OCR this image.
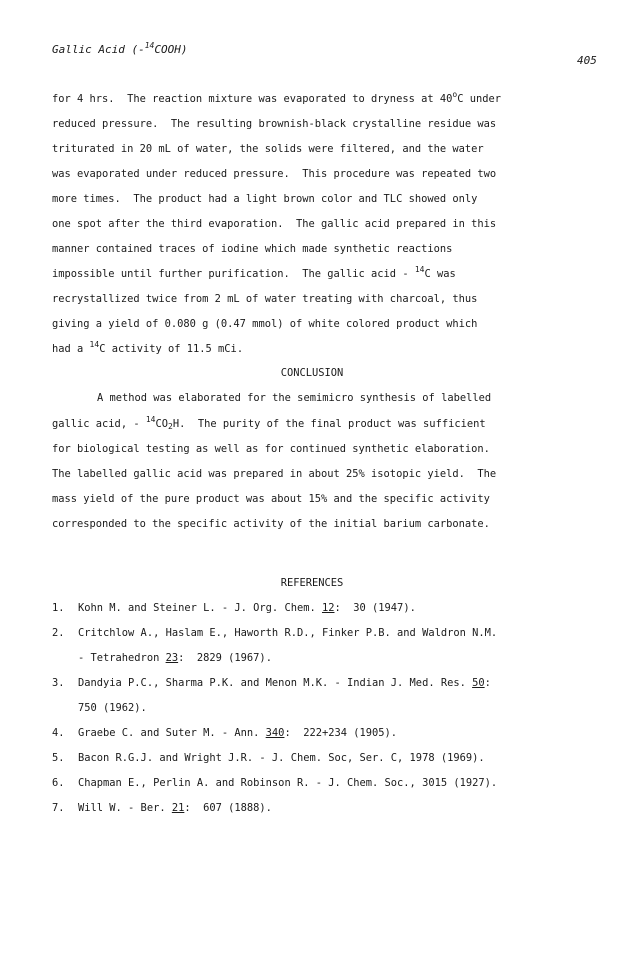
Gallic Acid (-$^{14}$COOH)
405
for 4 hrs.  The reaction mixture was evaporated to dryness at 40$^o$C under
reduced pressure.  The resulting brownish-black crystalline residue was
triturated in 20 mL of water, the solids were filtered, and the water
was evaporated under reduced pressure.  This procedure was repeated two
more times.  The product had a light brown color and TLC showed only
one spot after the third evaporation.  The gallic acid prepared in this
manner contained traces of iodine which made synthetic reactions
impossible until further purification.  The gallic acid - $^{14}$C was
recrystallized twice from 2 mL of water treating with charcoal, thus
giving a yield of 0.080 g (0.47 mmol) of white colored product which
had a $^{14}$C activity of 11.5 mCi.
CONCLUSION
A method was elaborated for the semimicro synthesis of labelled
gallic acid, - $^{14}CO_2H$.  The purity of the final product was sufficient
for biological testing as well as for continued synthetic elaboration.
The labelled gallic acid was prepared in about 25% isotopic yield.  The
mass yield of the pure product was about 15% and the specific activity
corresponded to the specific activity of the initial barium carbonate.
REFERENCES
1. Kohn M. and Steiner L. - J. Org. Chem. 12:  30 (1947).
2. Critchlow A., Haslam E., Haworth R.D., Finker P.B. and Waldron N.M.
- Tetrahedron 23:  2829 (1967).
3. Dandyia P.C., Sharma P.K. and Menon M.K. - Indian J. Med. Res. 50:
750 (1962).
4. Graebe C. and Suter M. - Ann. 340:  222+234 (1905).
5. Bacon R.G.J. and Wright J.R. - J. Chem. Soc, Ser. C, 1978 (1969).
6. Chapman E., Perlin A. and Robinson R. - J. Chem. Soc., 3015 (1927).
7. Will W. - Ber. 21:  607 (1888).
